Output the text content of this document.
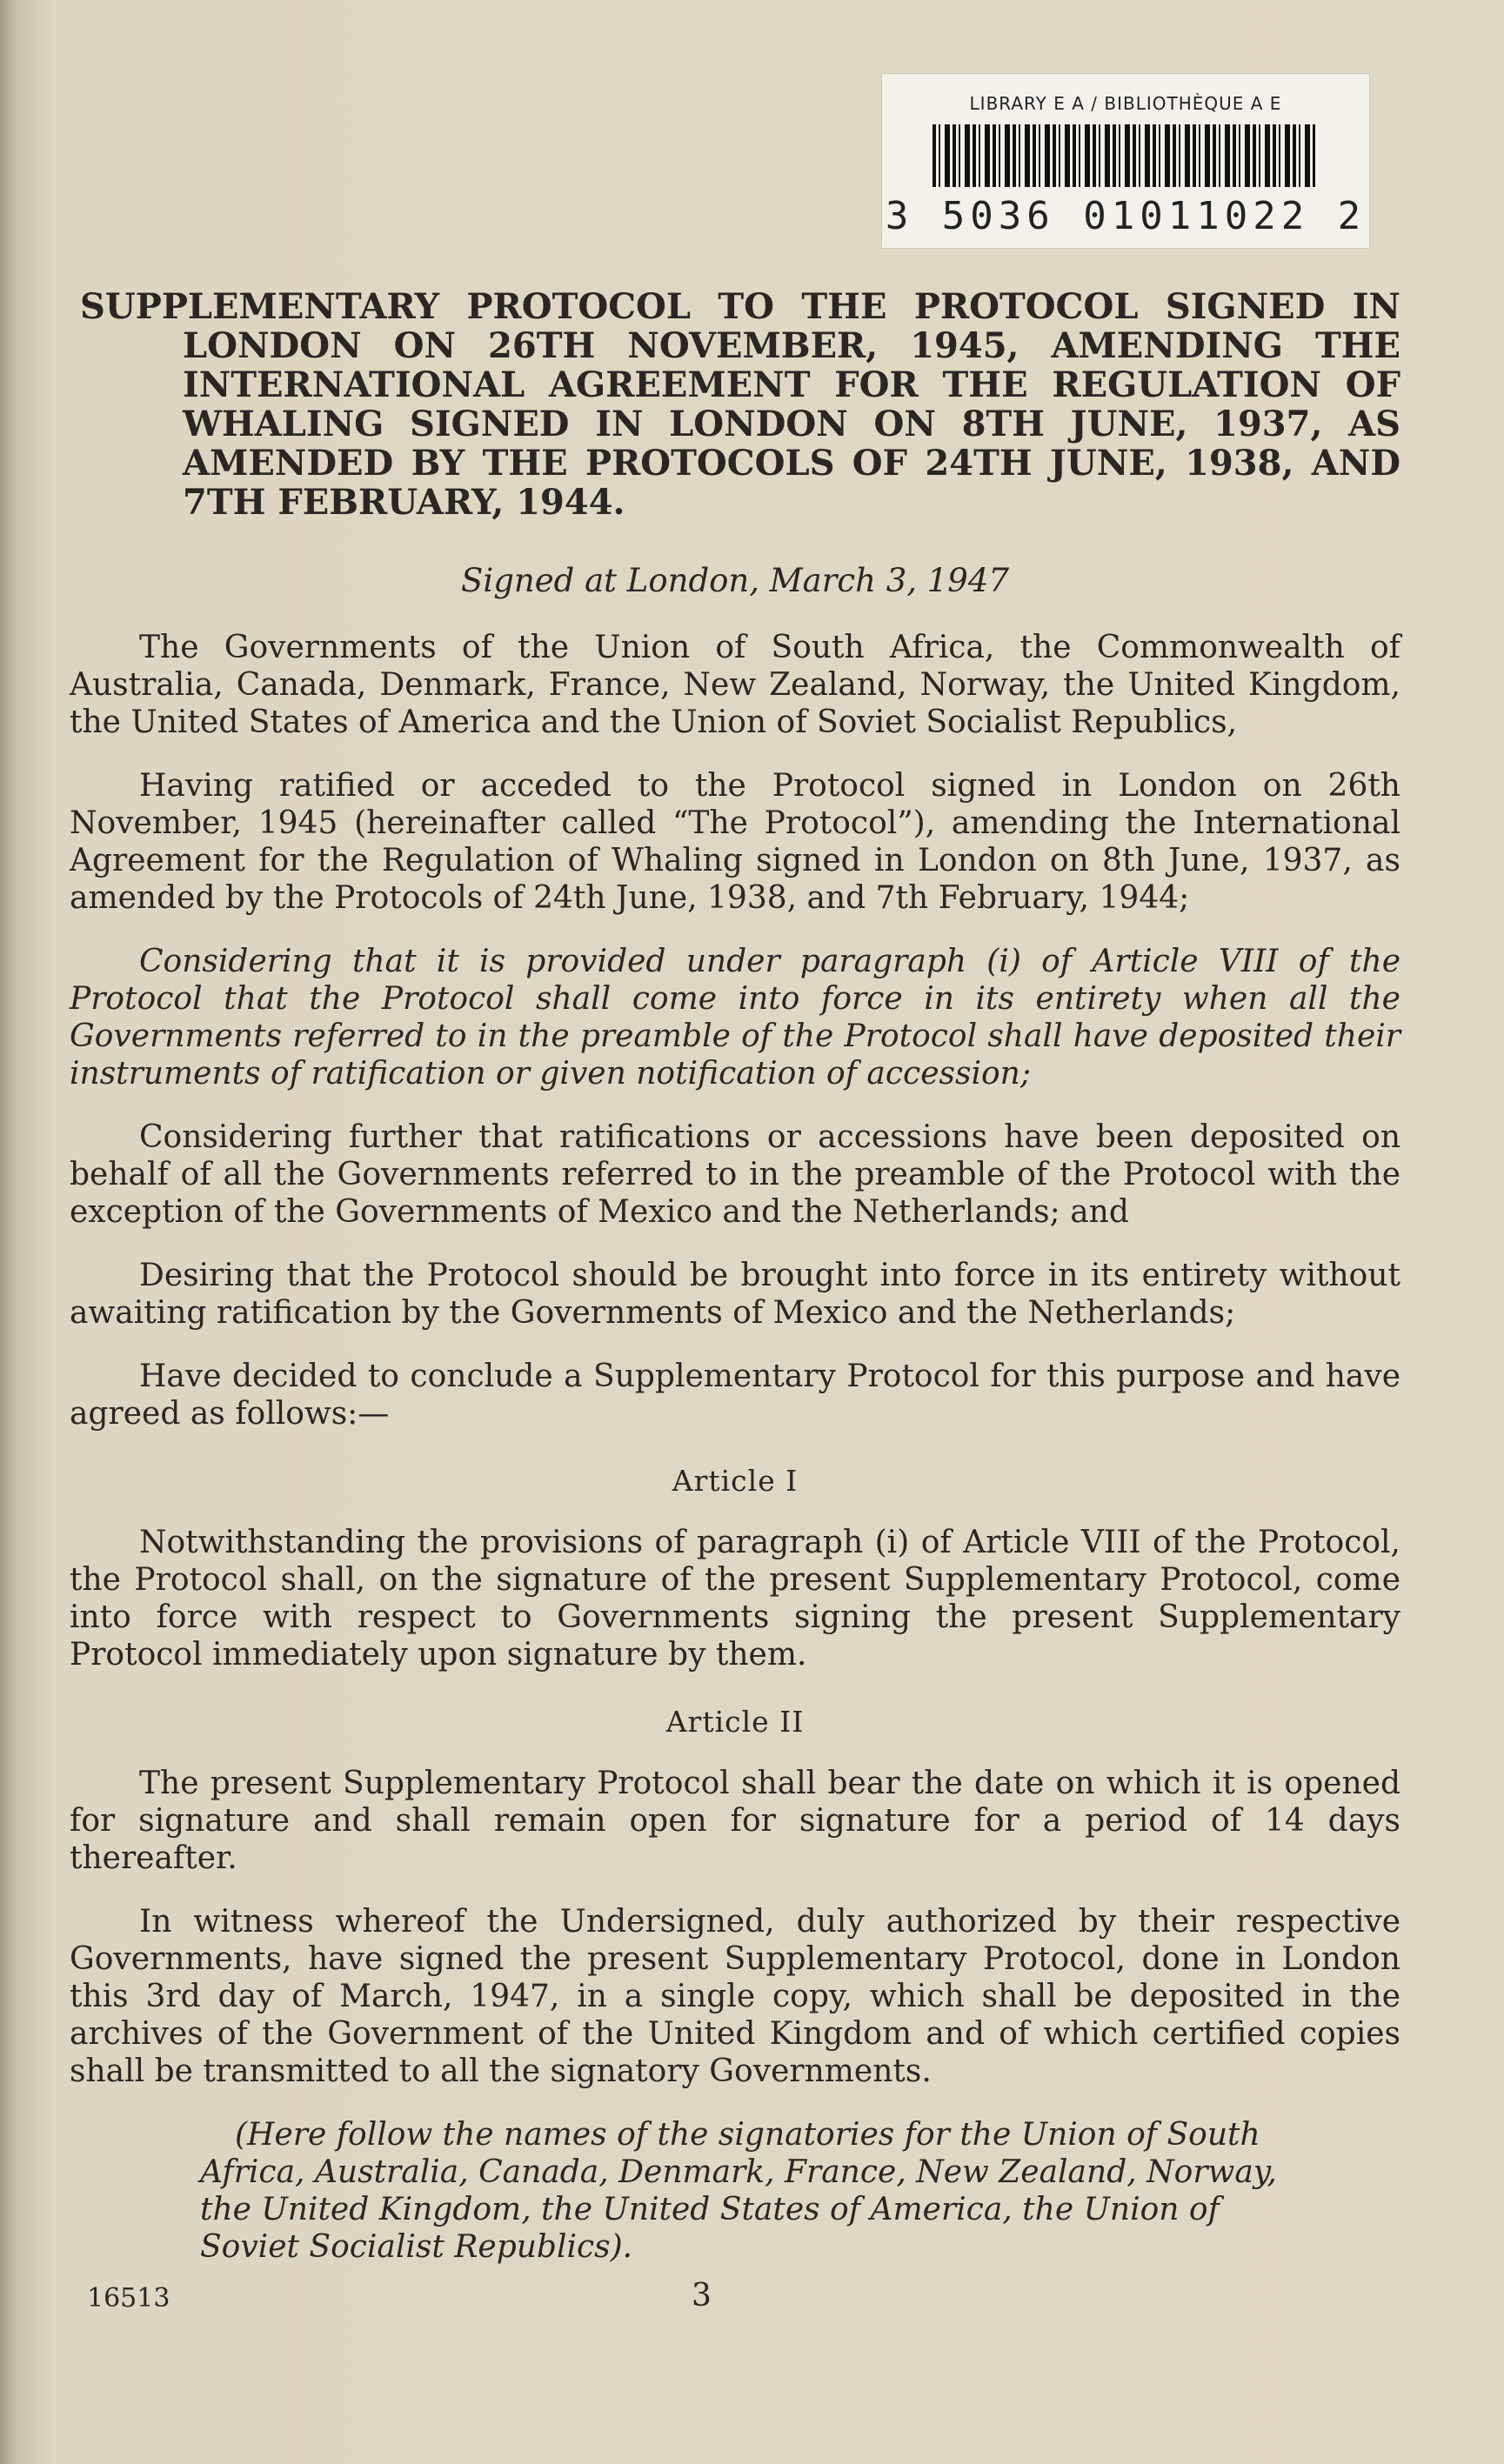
LIBRARY E A / BIBLIOTHÈQUE A E
3 5036 01011022 2
SUPPLEMENTARY PROTOCOL TO THE PROTOCOL SIGNED IN LONDON ON 26TH NOVEMBER, 1945, AMENDING THE INTERNATIONAL AGREEMENT FOR THE REGULATION OF WHALING SIGNED IN LONDON ON 8TH JUNE, 1937, AS AMENDED BY THE PROTOCOLS OF 24TH JUNE, 1938, AND 7TH FEBRUARY, 1944.
Signed at London, March 3, 1947

The Governments of the Union of South Africa, the Commonwealth of Australia, Canada, Denmark, France, New Zealand, Norway, the United Kingdom, the United States of America and the Union of Soviet Socialist Republics,

Having ratified or acceded to the Protocol signed in London on 26th November, 1945 (hereinafter called “The Protocol”), amending the International Agreement for the Regulation of Whaling signed in London on 8th June, 1937, as amended by the Protocols of 24th June, 1938, and 7th February, 1944;

Considering that it is provided under paragraph (i) of Article VIII of the Protocol that the Protocol shall come into force in its entirety when all the Governments referred to in the preamble of the Protocol shall have deposited their instruments of ratification or given notification of accession;

Considering further that ratifications or accessions have been deposited on behalf of all the Governments referred to in the preamble of the Protocol with the exception of the Governments of Mexico and the Netherlands; and

Desiring that the Protocol should be brought into force in its entirety without awaiting ratification by the Governments of Mexico and the Netherlands;

Have decided to conclude a Supplementary Protocol for this purpose and have agreed as follows:—

Article I

Notwithstanding the provisions of paragraph (i) of Article VIII of the Protocol, the Protocol shall, on the signature of the present Supplementary Protocol, come into force with respect to Governments signing the present Supplementary Protocol immediately upon signature by them.

Article II

The present Supplementary Protocol shall bear the date on which it is opened for signature and shall remain open for signature for a period of 14 days thereafter.

In witness whereof the Undersigned, duly authorized by their respective Governments, have signed the present Supplementary Protocol, done in London this 3rd day of March, 1947, in a single copy, which shall be deposited in the archives of the Government of the United Kingdom and of which certified copies shall be transmitted to all the signatory Governments.

(Here follow the names of the signatories for the Union of South Africa, Australia, Canada, Denmark, France, New Zealand, Norway, the United Kingdom, the United States of America, the Union of Soviet Socialist Republics).
16513	3
